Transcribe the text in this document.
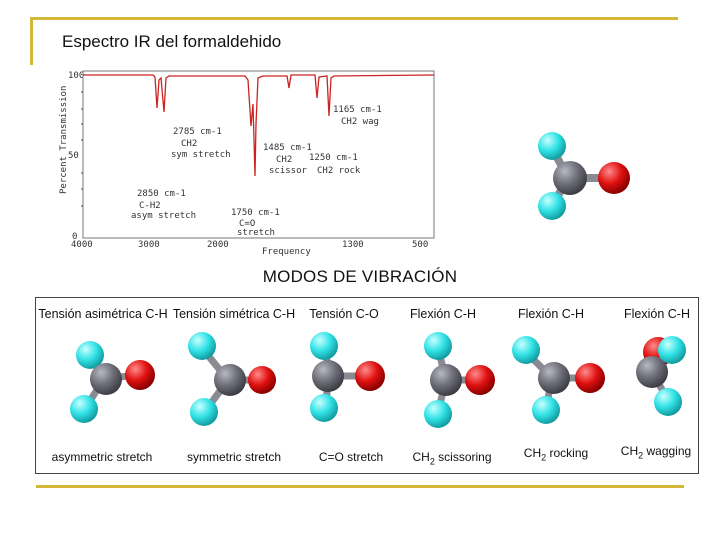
Espectro IR del formaldehido
Percent Transmission
100
50
0
4000	3000	2000	1300	500
Frequency
2785 cm-1
CH2
sym stretch
2850 cm-1
C-H2
asym stretch	1750 cm-1
C=O
stretch
1485 cm-1
CH2
scissor
1250 cm-1
CH2 rock
1165 cm-1
CH2 wag
MODOS DE VIBRACIÓN
Tensión asimétrica C-H Tensión simétrica C-H	Tensión C-O	Flexión C-H	Flexión C-H	Flexión C-H
asymmetric stretch	symmetric stretch	C=O stretch	$CH_2$ scissoring	$CH_2$ rocking	$CH_2$ wagging
